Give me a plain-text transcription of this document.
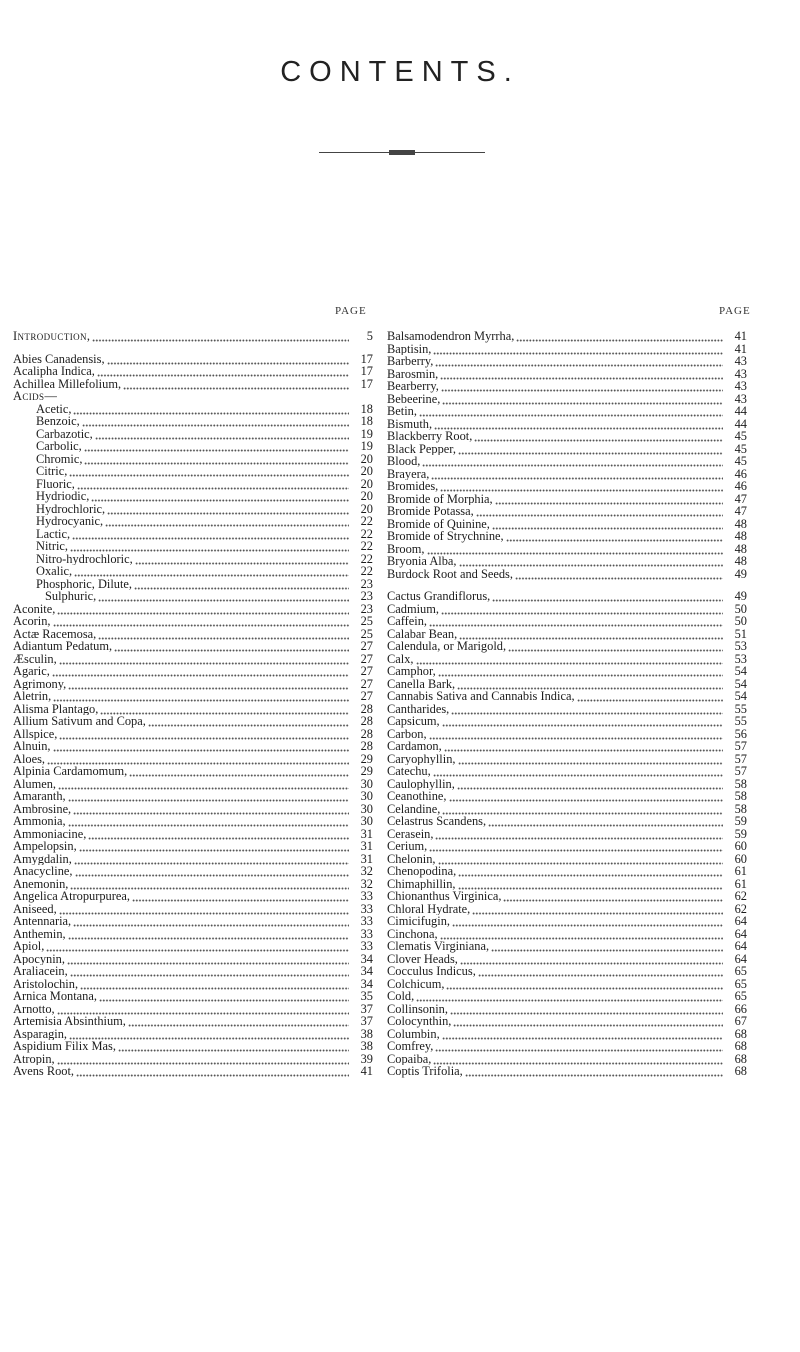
CONTENTS.
PAGE	PAGE
Introduction,	5
Abies Canadensis,	17
Acalipha Indica,	17
Achillea Millefolium,	17
Acids—
Acetic,	18
Benzoic,	18
Carbazotic,	19
Carbolic,	19
Chromic,	20
Citric,	20
Fluoric,	20
Hydriodic,	20
Hydrochloric,	20
Hydrocyanic,	22
Lactic,	22
Nitric,	22
Nitro-hydrochloric,	22
Oxalic,	22
Phosphoric, Dilute,	23
Sulphuric,	23
Aconite,	23
Acorin,	25
Actæ Racemosa,	25
Adiantum Pedatum,	27
Æsculin,	27
Agaric,	27
Agrimony,	27
Aletrin,	27
Alisma Plantago,	28
Allium Sativum and Copa,	28
Allspice,	28
Alnuin,	28
Aloes,	29
Alpinia Cardamomum,	29
Alumen,	30
Amaranth,	30
Ambrosine,	30
Ammonia,	30
Ammoniacine,	31
Ampelopsin,	31
Amygdalin,	31
Anacycline,	32
Anemonin,	32
Angelica Atropurpurea,	33
Aniseed,	33
Antennaria,	33
Anthemin,	33
Apiol,	33
Apocynin,	34
Araliacein,	34
Aristolochin,	34
Arnica Montana,	35
Arnotto,	37
Artemisia Absinthium,	37
Asparagin,	38
Aspidium Filix Mas,	38
Atropin,	39
Avens Root,	41
Balsamodendron Myrrha,	41
Baptisin,	41
Barberry,	43
Barosmin,	43
Bearberry,	43
Bebeerine,	43
Betin,	44
Bismuth,	44
Blackberry Root,	45
Black Pepper,	45
Blood,	45
Brayera,	46
Bromides,	46
Bromide of Morphia,	47
Bromide Potassa,	47
Bromide of Quinine,	48
Bromide of Strychnine,	48
Broom,	48
Bryonia Alba,	48
Burdock Root and Seeds,	49
Cactus Grandiflorus,	49
Cadmium,	50
Caffein,	50
Calabar Bean,	51
Calendula, or Marigold,	53
Calx,	53
Camphor,	54
Canella Bark,	54
Cannabis Sativa and Cannabis Indica,	54
Cantharides,	55
Capsicum,	55
Carbon,	56
Cardamon,	57
Caryophyllin,	57
Catechu,	57
Caulophyllin,	58
Ceanothine,	58
Celandine,	58
Celastrus Scandens,	59
Cerasein,	59
Cerium,	60
Chelonin,	60
Chenopodina,	61
Chimaphillin,	61
Chionanthus Virginica,	62
Chloral Hydrate,	62
Cimicifugin,	64
Cinchona,	64
Clematis Virginiana,	64
Clover Heads,	64
Cocculus Indicus,	65
Colchicum,	65
Cold,	65
Collinsonin,	66
Colocynthin,	67
Columbin,	68
Comfrey,	68
Copaiba,	68
Coptis Trifolia,	68
